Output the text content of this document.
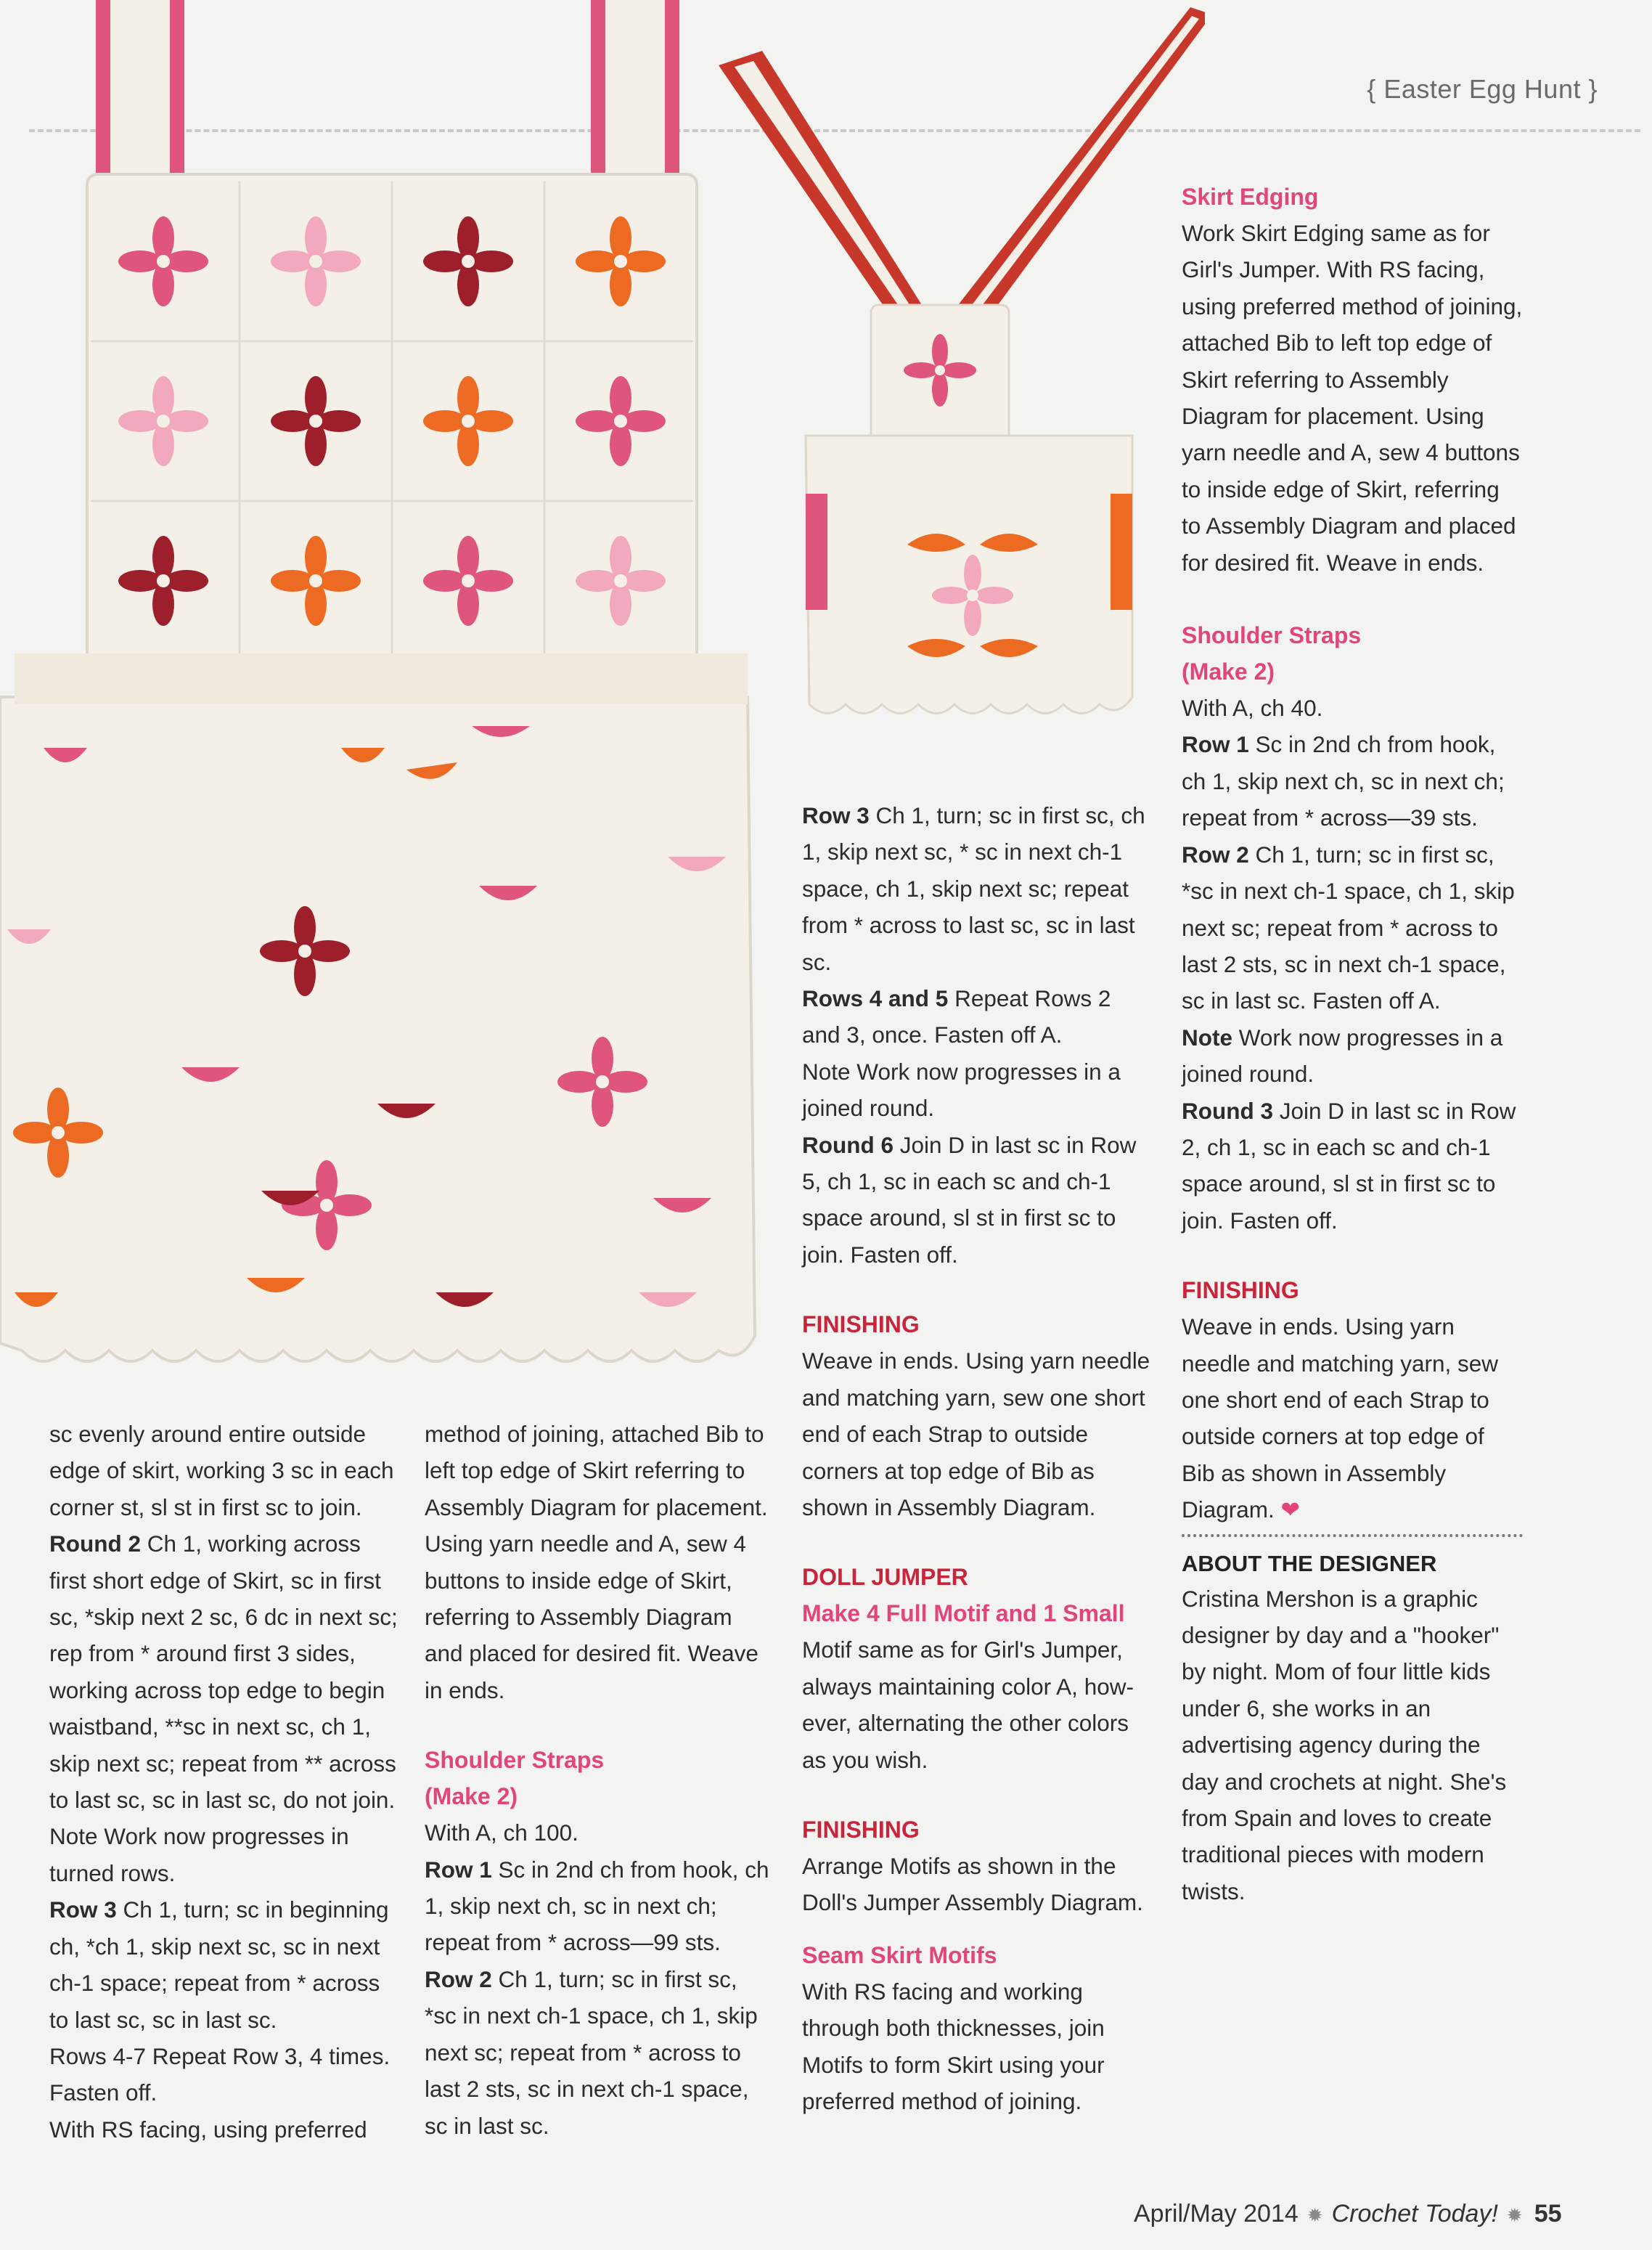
{ Easter Egg Hunt }

sc evenly around entire outside edge of skirt, working 3 sc in each corner st, sl st in first sc to join.

Round 2 Ch 1, working across first short edge of Skirt, sc in first sc, *skip next 2 sc, 6 dc in next sc; rep from * around first 3 sides, working across top edge to begin waistband, **sc in next sc, ch 1, skip next sc; repeat from ** across to last sc, sc in last sc, do not join.

Note Work now progresses in turned rows.

Row 3 Ch 1, turn; sc in beginning ch, *ch 1, skip next sc, sc in next ch-1 space; repeat from * across to last sc, sc in last sc.

Rows 4-7 Repeat Row 3, 4 times. Fasten off.

With RS facing, using preferred

method of joining, attached Bib to left top edge of Skirt referring to Assembly Diagram for placement. Using yarn needle and A, sew 4 buttons to inside edge of Skirt, referring to Assembly Diagram and placed for desired fit. Weave in ends.

Shoulder Straps

(Make 2)

With A, ch 100.

Row 1 Sc in 2nd ch from hook, ch 1, skip next ch, sc in next ch; repeat from * across—99 sts.

Row 2 Ch 1, turn; sc in first sc, *sc in next ch-1 space, ch 1, skip next sc; repeat from * across to last 2 sts, sc in next ch-1 space, sc in last sc.

Row 3 Ch 1, turn; sc in first sc, ch 1, skip next sc, * sc in next ch-1 space, ch 1, skip next sc; repeat from * across to last sc, sc in last sc.

Rows 4 and 5 Repeat Rows 2 and 3, once. Fasten off A.

Note Work now progresses in a joined round.

Round 6 Join D in last sc in Row 5, ch 1, sc in each sc and ch-1 space around, sl st in first sc to join. Fasten off.

FINISHING

Weave in ends. Using yarn needle and matching yarn, sew one short end of each Strap to outside corners at top edge of Bib as shown in Assembly Diagram.

DOLL JUMPER

Make 4 Full Motif and 1 Small

Motif same as for Girl's Jumper, always maintaining color A, how-ever, alternating the other colors as you wish.

FINISHING

Arrange Motifs as shown in the Doll's Jumper Assembly Diagram.

Seam Skirt Motifs

With RS facing and working through both thicknesses, join Motifs to form Skirt using your preferred method of joining.

Skirt Edging

Work Skirt Edging same as for Girl's Jumper. With RS facing, using preferred method of joining, attached Bib to left top edge of Skirt referring to Assembly Diagram for placement. Using yarn needle and A, sew 4 buttons to inside edge of Skirt, referring to Assembly Diagram and placed for desired fit. Weave in ends.

Shoulder Straps

(Make 2)

With A, ch 40.

Row 1 Sc in 2nd ch from hook, ch 1, skip next ch, sc in next ch; repeat from * across—39 sts.

Row 2 Ch 1, turn; sc in first sc, *sc in next ch-1 space, ch 1, skip next sc; repeat from * across to last 2 sts, sc in next ch-1 space, sc in last sc. Fasten off A.

Note Work now progresses in a joined round.

Round 3 Join D in last sc in Row 2, ch 1, sc in each sc and ch-1 space around, sl st in first sc to join. Fasten off.

FINISHING

Weave in ends. Using yarn needle and matching yarn, sew one short end of each Strap to outside corners at top edge of Bib as shown in Assembly Diagram. ❤

ABOUT THE DESIGNER

Cristina Mershon is a graphic designer by day and a "hooker" by night. Mom of four little kids under 6, she works in an advertising agency during the day and crochets at night. She's from Spain and loves to create traditional pieces with modern twists.

April/May 2014 ✹ Crochet Today! ✹ 55
